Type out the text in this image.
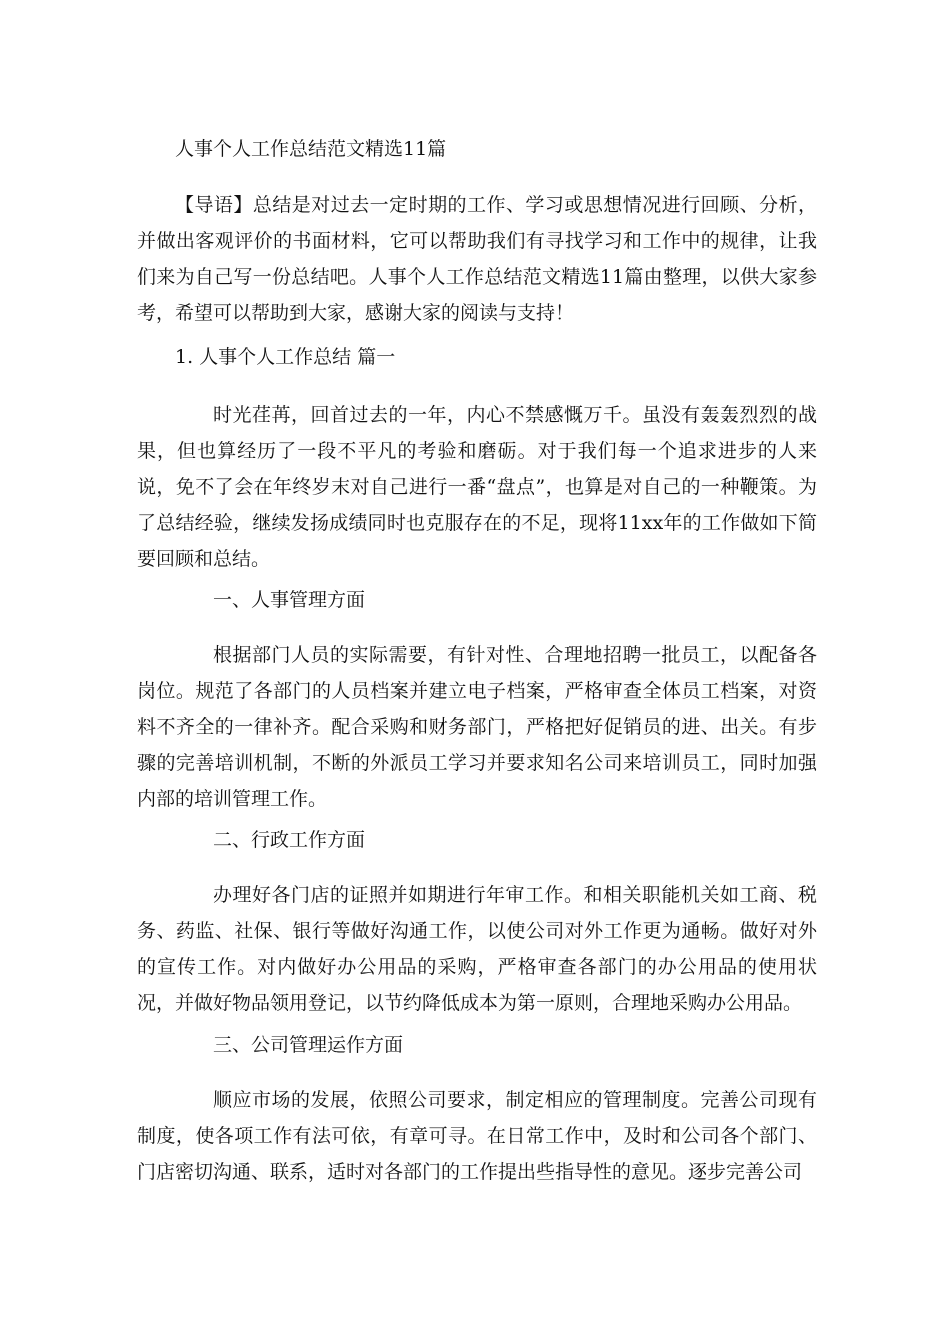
人事个人工作总结范文精选11篇

【导语】总结是对过去一定时期的工作、学习或思想情况进行回顾、分析，并做出客观评价的书面材料，它可以帮助我们有寻找学习和工作中的规律，让我们来为自己写一份总结吧。人事个人工作总结范文精选11篇由整理，以供大家参考，希望可以帮助到大家，感谢大家的阅读与支持！

1. 人事个人工作总结 篇一

时光荏苒，回首过去的一年，内心不禁感慨万千。虽没有轰轰烈烈的战果，但也算经历了一段不平凡的考验和磨砺。对于我们每一个追求进步的人来说，免不了会在年终岁末对自己进行一番“盘点”，也算是对自己的一种鞭策。为了总结经验，继续发扬成绩同时也克服存在的不足，现将11xx年的工作做如下简要回顾和总结。

一、人事管理方面

根据部门人员的实际需要，有针对性、合理地招聘一批员工，以配备各岗位。规范了各部门的人员档案并建立电子档案，严格审查全体员工档案，对资料不齐全的一律补齐。配合采购和财务部门，严格把好促销员的进、出关。有步骤的完善培训机制，不断的外派员工学习并要求知名公司来培训员工，同时加强内部的培训管理工作。

二、行政工作方面

办理好各门店的证照并如期进行年审工作。和相关职能机关如工商、税务、药监、社保、银行等做好沟通工作，以使公司对外工作更为通畅。做好对外的宣传工作。对内做好办公用品的采购，严格审查各部门的办公用品的使用状况，并做好物品领用登记，以节约降低成本为第一原则，合理地采购办公用品。

三、公司管理运作方面

顺应市场的发展，依照公司要求，制定相应的管理制度。完善公司现有制度，使各项工作有法可依，有章可寻。在日常工作中，及时和公司各个部门、门店密切沟通、联系，适时对各部门的工作提出些指导性的意见。逐步完善公司
